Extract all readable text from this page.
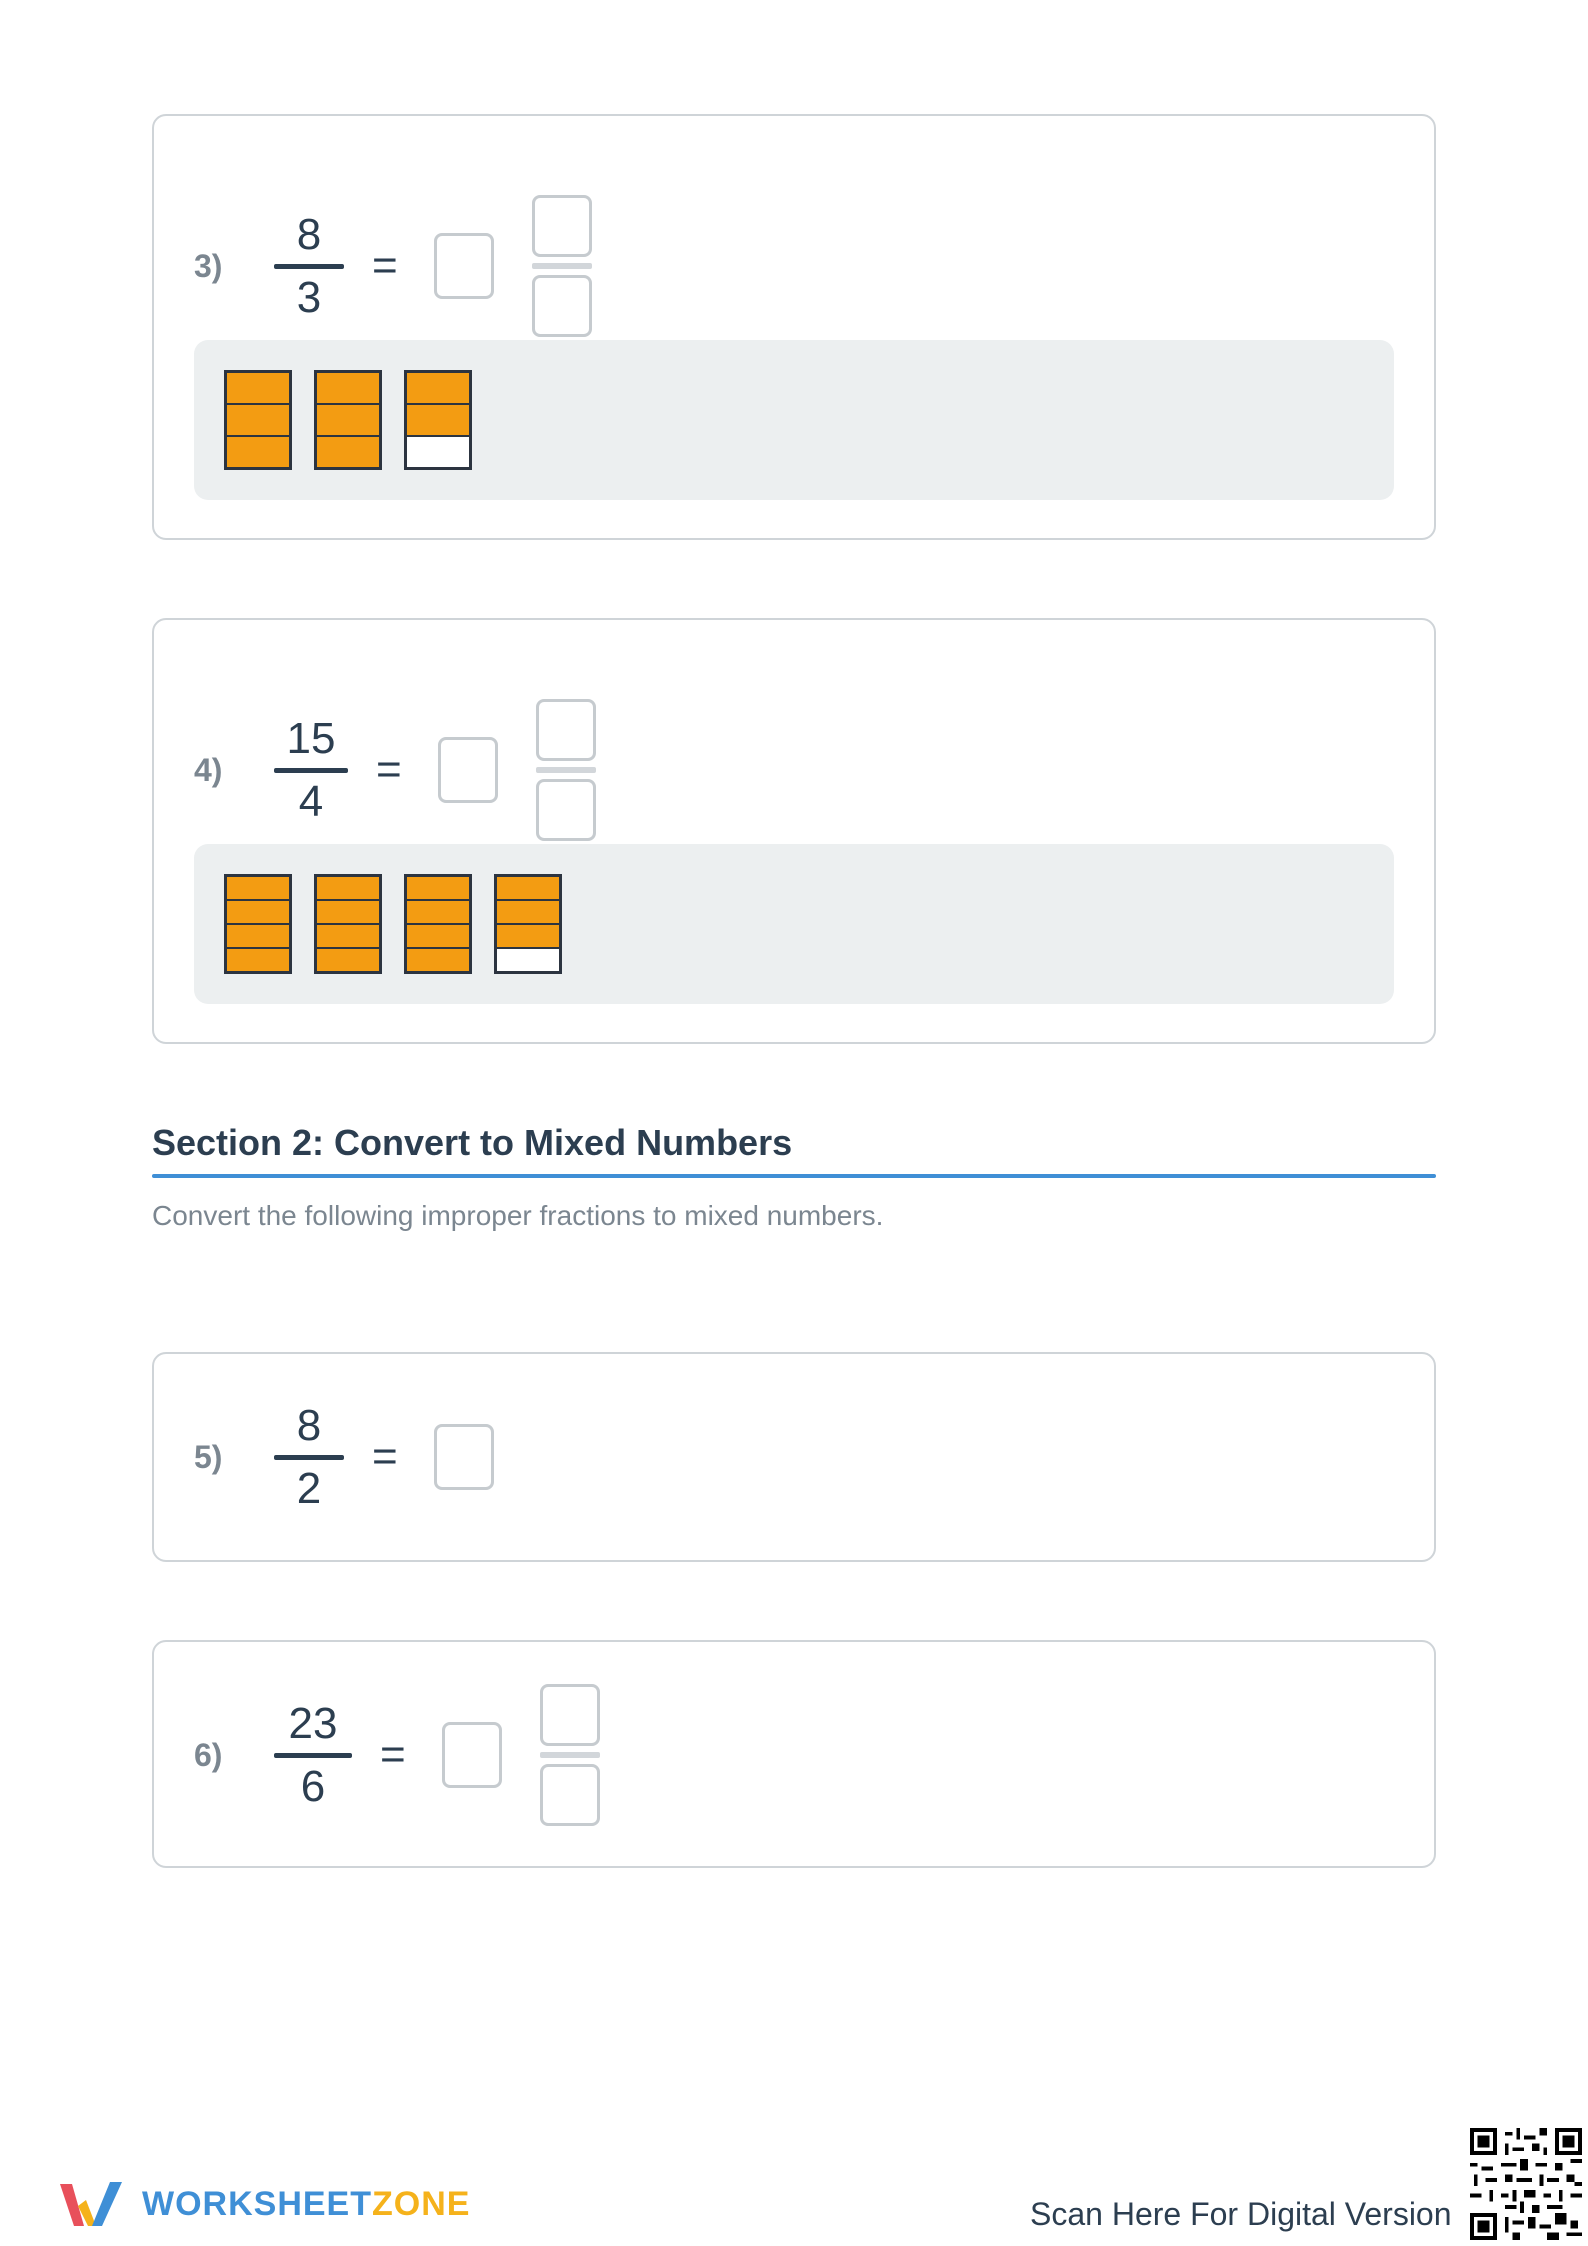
3)
8
3
=
4)
15
4
=
Section 2: Convert to Mixed Numbers
Convert the following improper fractions to mixed numbers.
5)
8
2
=
6)
23
6
=
WORKSHEETZONE	Scan Here For Digital Version
